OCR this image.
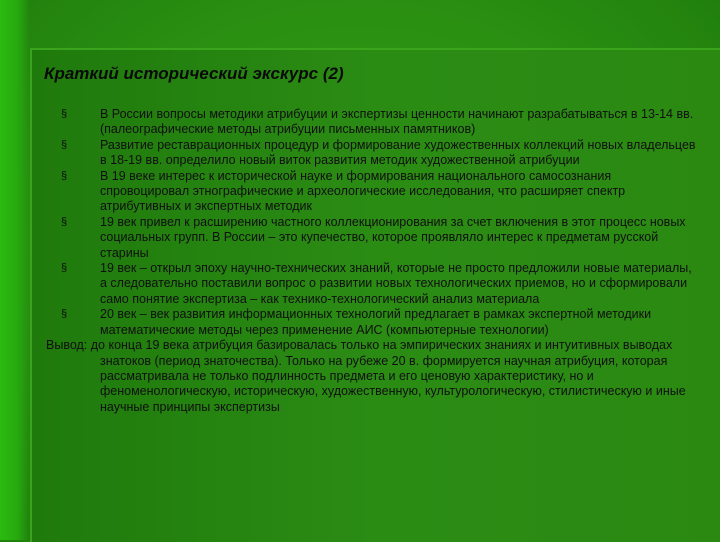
Краткий исторический экскурс (2)
§	В России вопросы методики атрибуции и экспертизы ценности начинают разрабатываться в 13-14 вв. (палеографические методы атрибуции письменных памятников)
§	Развитие реставрационных процедур и формирование художественных коллекций новых владельцев в 18-19 вв. определило новый виток развития методик художественной атрибуции
§	В 19 веке интерес к исторической науке и формирования национального самосознания спровоцировал этнографические и археологические исследования, что расширяет спектр атрибутивных и экспертных методик
§	19 век привел к расширению частного коллекционирования за счет включения в этот процесс новых социальных групп. В России – это купечество, которое проявляло интерес к предметам русской старины
§	19 век – открыл эпоху научно-технических знаний, которые не просто предложили новые материалы, а следовательно поставили вопрос о развитии новых технологических приемов, но и сформировали само понятие экспертиза – как технико-технологический анализ материала
§	20 век – век развития информационных технологий предлагает в рамках экспертной методики математические методы через применение АИС (компьютерные технологии)
Вывод: до конца 19 века атрибуция базировалась только на эмпирических знаниях и интуитивных выводах знатоков (период знаточества). Только на рубеже 20 в. формируется научная атрибуция, которая рассматривала не только подлинность предмета и его ценовую характеристику, но и феноменологическую, историческую, художественную, культурологическую, стилистическую и иные научные принципы экспертизы
